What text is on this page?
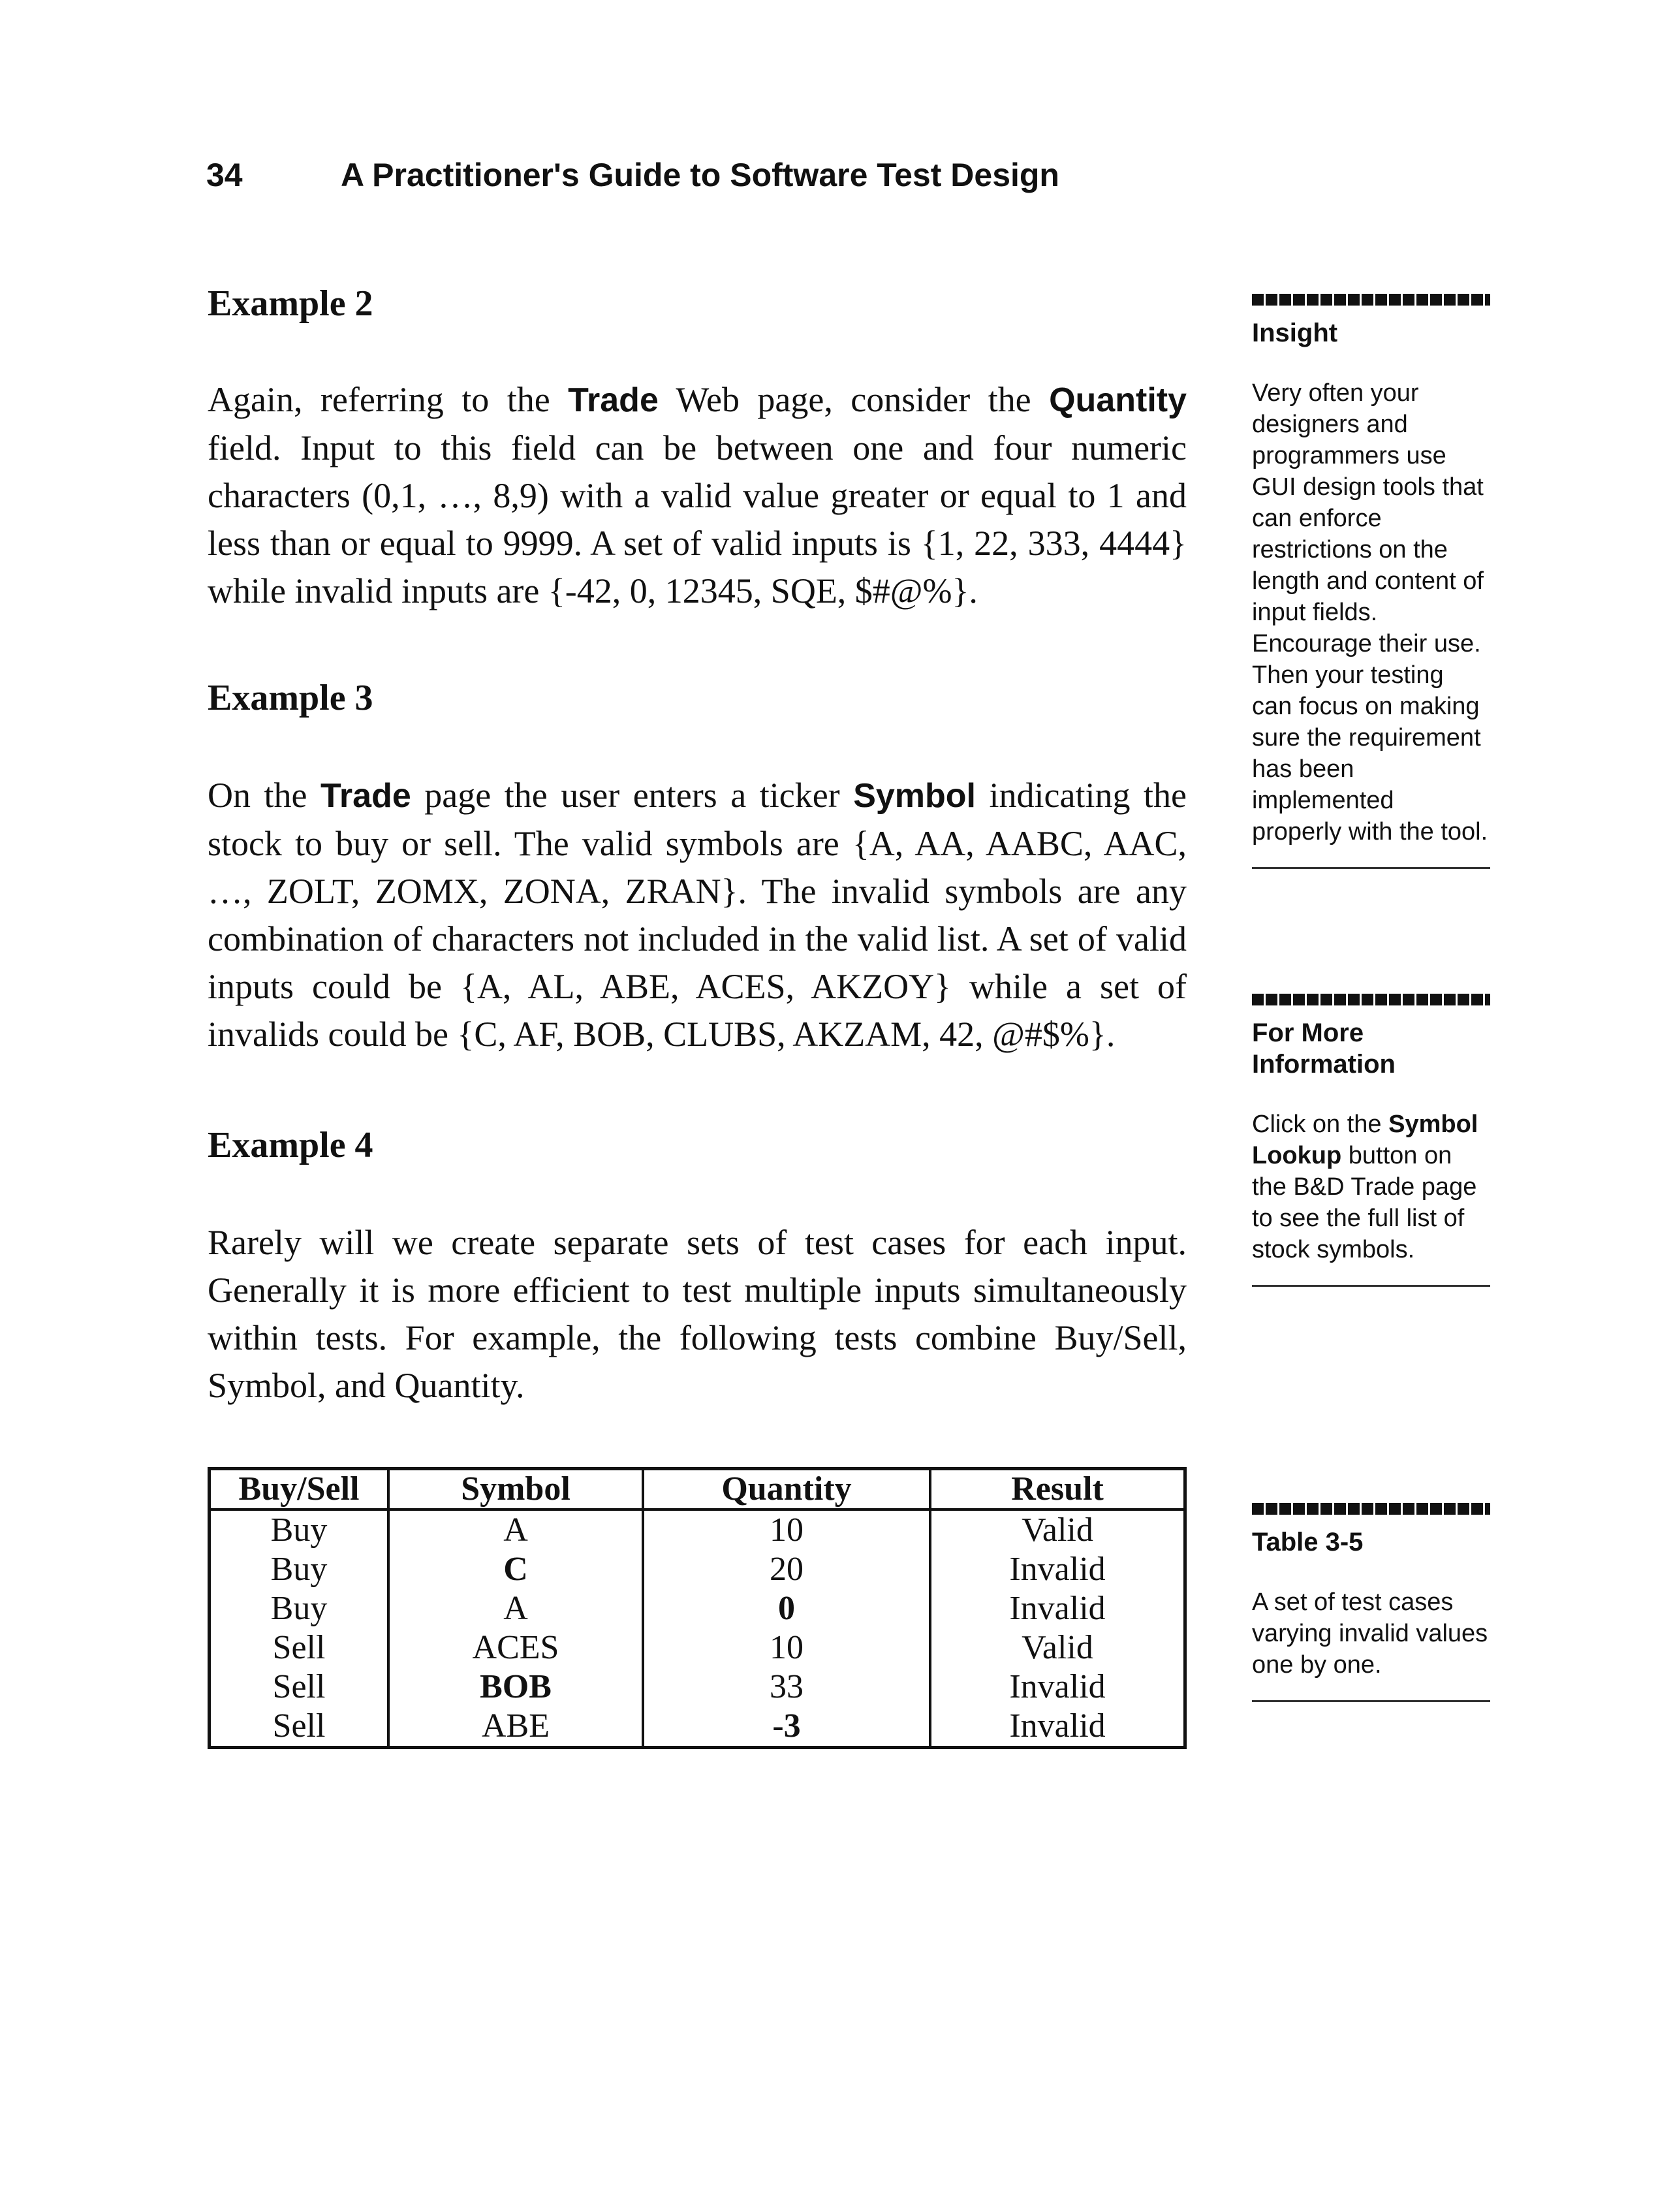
34	A Practitioner's Guide to Software Test Design
Example 2

Again, referring to the Trade Web page, consider the Quantity field. Input to this field can be between one and four numeric characters (0,1, …, 8,9) with a valid value greater or equal to 1 and less than or equal to 9999. A set of valid inputs is {1, 22, 333, 4444} while invalid inputs are {-42, 0, 12345, SQE, $#@%}.

Example 3

On the Trade page the user enters a ticker Symbol indicating the stock to buy or sell. The valid symbols are {A, AA, AABC, AAC, …, ZOLT, ZOMX, ZONA, ZRAN}. The invalid symbols are any combination of characters not included in the valid list. A set of valid inputs could be {A, AL, ABE, ACES, AKZOY} while a set of invalids could be {C, AF, BOB, CLUBS, AKZAM, 42, @#$%}.

Example 4

Rarely will we create separate sets of test cases for each input. Generally it is more efficient to test multiple inputs simultaneously within tests. For example, the following tests combine Buy/Sell, Symbol, and Quantity.

Buy/Sell	Symbol	Quantity	Result
Buy	A	10	Valid
Buy	C	20	Invalid
Buy	A	0	Invalid
Sell	ACES	10	Valid
Sell	BOB	33	Invalid
Sell	ABE	-3	Invalid
Insight
Very often your designers and programmers use GUI design tools that can enforce restrictions on the length and content of input fields. Encourage their use. Then your testing can focus on making sure the requirement has been implemented properly with the tool.
For More Information
Click on the Symbol Lookup button on the B&D Trade page to see the full list of stock symbols.
Table 3-5
A set of test cases varying invalid values one by one.
